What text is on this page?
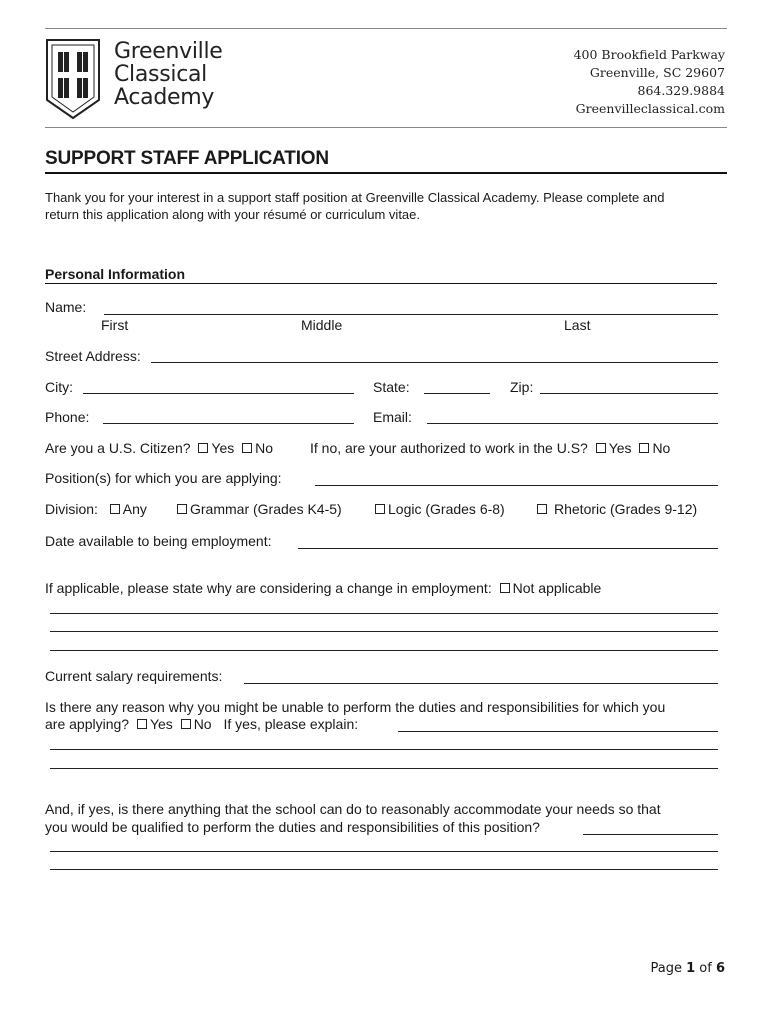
Greenville
Classical
Academy
400 Brookfield Parkway
Greenville, SC 29607
864.329.9884
Greenvilleclassical.com
SUPPORT STAFF APPLICATION
Thank you for your interest in a support staff position at Greenville Classical Academy. Please complete and
return this application along with your résumé or curriculum vitae.
Personal Information
Name:
First	Middle	Last
Street Address:
City:	State:	Zip:
Phone:	Email:
Are you a U.S. Citizen? Yes No	If no, are your authorized to work in the U.S? Yes No
Position(s) for which you are applying:
Division: Any	Grammar (Grades K4-5)	Logic (Grades 6-8)	Rhetoric (Grades 9-12)
Date available to being employment:
If applicable, please state why are considering a change in employment: Not applicable
Current salary requirements:
Is there any reason why you might be unable to perform the duties and responsibilities for which you
are applying? Yes No If yes, please explain:
And, if yes, is there anything that the school can do to reasonably accommodate your needs so that
you would be qualified to perform the duties and responsibilities of this position?
Page 1 of 6
